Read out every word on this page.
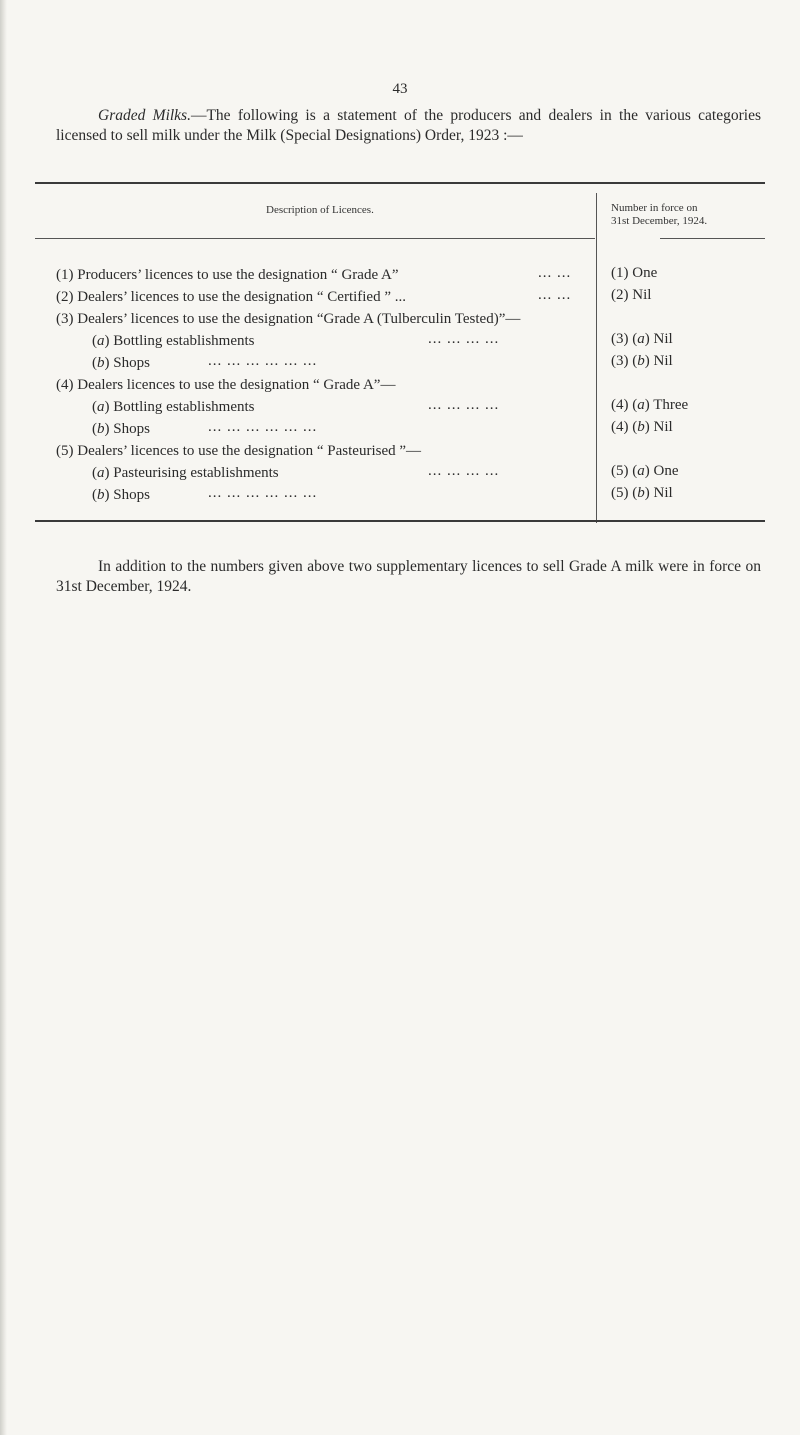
43

Graded Milks.—The following is a statement of the producers and dealers in the various categories licensed to sell milk under the Milk (Special Designations) Order, 1923 :—

Description of Licences.	Number in force on
31st December, 1924.
(1) Producers’ licences to use the designation “ Grade A”	... ...	(1) One
(2) Dealers’ licences to use the designation “ Certified ” ...	... ...	(2) Nil
(3) Dealers’ licences to use the designation “Grade A (Tulberculin Tested)”—
(a) Bottling establishments	... ... ... ...	(3) (a) Nil
(b) Shops	... ... ... ... ... ...	(3) (b) Nil
(4) Dealers licences to use the designation “ Grade A”—
(a) Bottling establishments	... ... ... ...	(4) (a) Three
(b) Shops	... ... ... ... ... ...	(4) (b) Nil
(5) Dealers’ licences to use the designation “ Pasteurised ”—
(a) Pasteurising establishments	... ... ... ...	(5) (a) One
(b) Shops	... ... ... ... ... ...	(5) (b) Nil

In addition to the numbers given above two supplementary licences to sell Grade A milk were in force on 31st December, 1924.
